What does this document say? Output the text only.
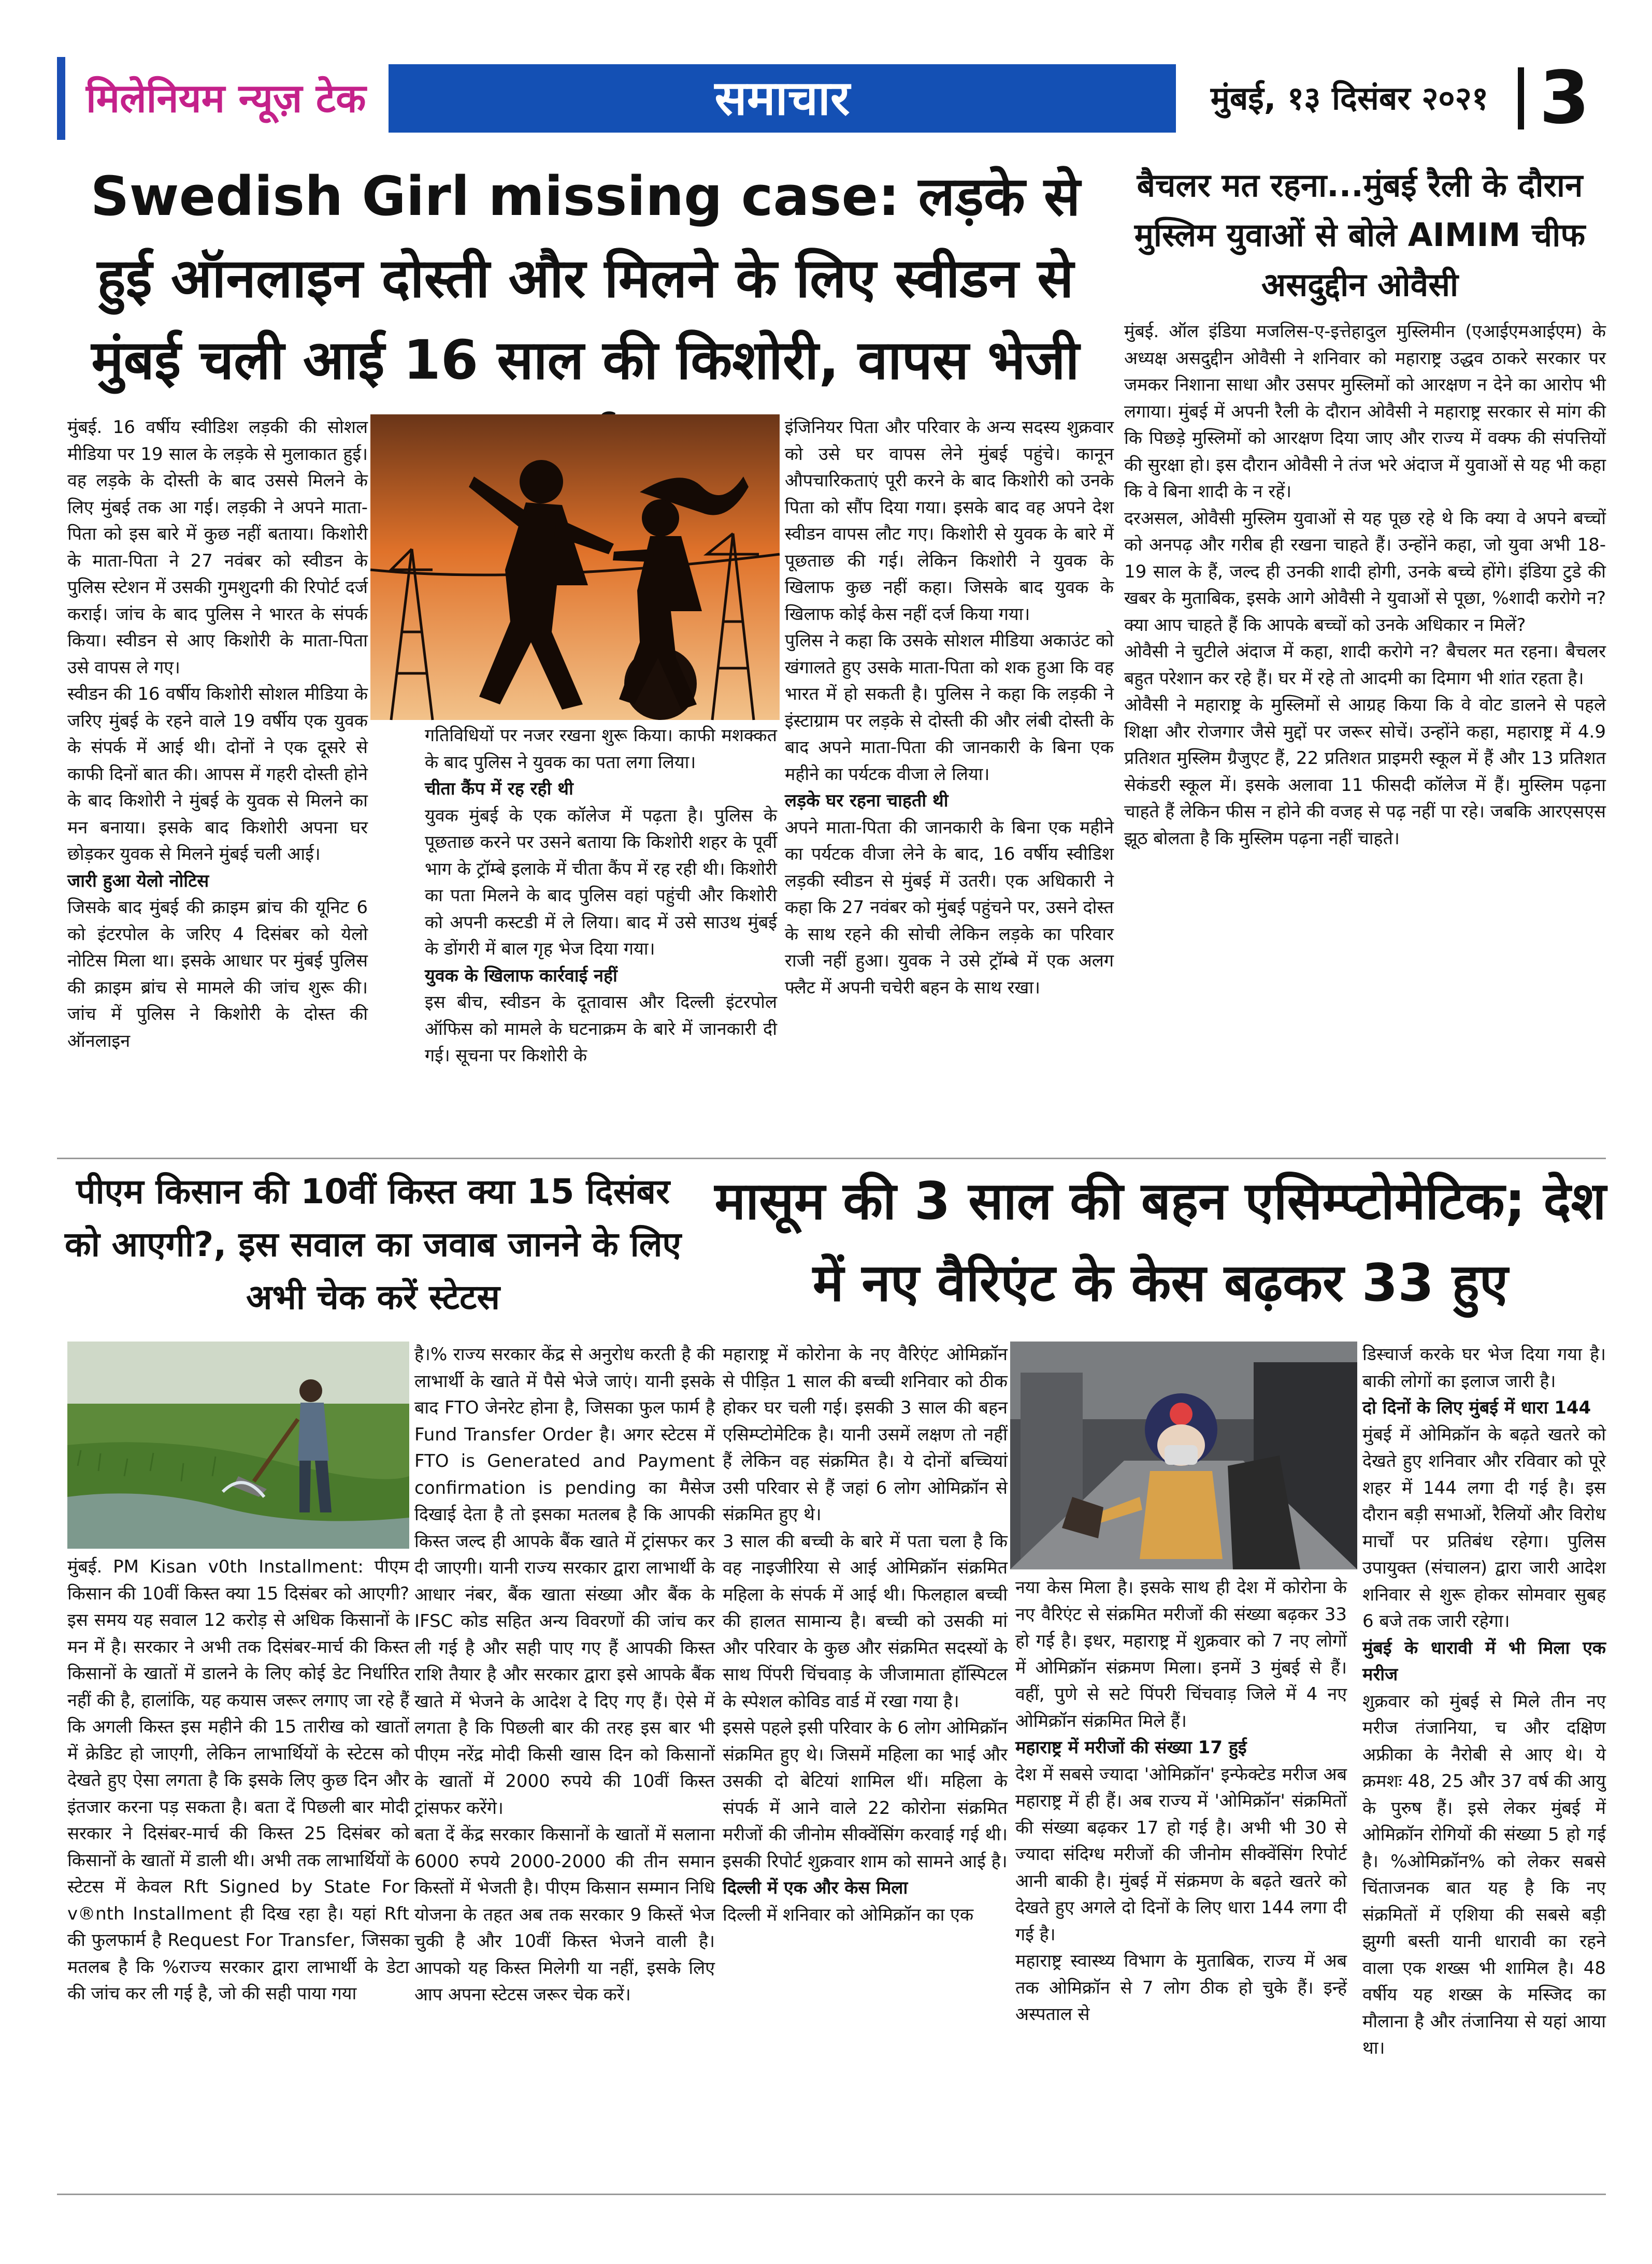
मिलेनियम न्यूज़ टेक	समाचार	मुंबई, १३ दिसंबर २०२१ 3
Swedish Girl missing case: लड़के से हुई ऑनलाइन दोस्ती और मिलने के लिए स्वीडन से मुंबई चली आई 16 साल की किशोरी, वापस भेजी

मुंबई. 16 वर्षीय स्वीडिश लड़की की सोशल मीडिया पर 19 साल के लड़के से मुलाकात हुई। वह लड़के के दोस्ती के बाद उससे मिलने के लिए मुंबई तक आ गई। लड़की ने अपने माता-पिता को इस बारे में कुछ नहीं बताया। किशोरी के माता-पिता ने 27 नवंबर को स्वीडन के पुलिस स्टेशन में उसकी गुमशुदगी की रिपोर्ट दर्ज कराई। जांच के बाद पुलिस ने भारत के संपर्क किया। स्वीडन से आए किशोरी के माता-पिता उसे वापस ले गए।

स्वीडन की 16 वर्षीय किशोरी सोशल मीडिया के जरिए मुंबई के रहने वाले 19 वर्षीय एक युवक के संपर्क में आई थी। दोनों ने एक दूसरे से काफी दिनों बात की। आपस में गहरी दोस्ती होने के बाद किशोरी ने मुंबई के युवक से मिलने का मन बनाया। इसके बाद किशोरी अपना घर छोड़कर युवक से मिलने मुंबई चली आई।

जारी हुआ येलो नोटिस

जिसके बाद मुंबई की क्राइम ब्रांच की यूनिट 6 को इंटरपोल के जरिए 4 दिसंबर को येलो नोटिस मिला था। इसके आधार पर मुंबई पुलिस की क्राइम ब्रांच से मामले की जांच शुरू की। जांच में पुलिस ने किशोरी के दोस्त की ऑनलाइन

गतिविधियों पर नजर रखना शुरू किया। काफी मशक्कत के बाद पुलिस ने युवक का पता लगा लिया।

चीता कैंप में रह रही थी

युवक मुंबई के एक कॉलेज में पढ़ता है। पुलिस के पूछताछ करने पर उसने बताया कि किशोरी शहर के पूर्वी भाग के ट्रॉम्बे इलाके में चीता कैंप में रह रही थी। किशोरी का पता मिलने के बाद पुलिस वहां पहुंची और किशोरी को अपनी कस्टडी में ले लिया। बाद में उसे साउथ मुंबई के डोंगरी में बाल गृह भेज दिया गया।

युवक के खिलाफ कार्रवाई नहीं

इस बीच, स्वीडन के दूतावास और दिल्ली इंटरपोल ऑफिस को मामले के घटनाक्रम के बारे में जानकारी दी गई। सूचना पर किशोरी के

इंजिनियर पिता और परिवार के अन्य सदस्य शुक्रवार को उसे घर वापस लेने मुंबई पहुंचे। कानून औपचारिकताएं पूरी करने के बाद किशोरी को उनके पिता को सौंप दिया गया। इसके बाद वह अपने देश स्वीडन वापस लौट गए। किशोरी से युवक के बारे में पूछताछ की गई। लेकिन किशोरी ने युवक के खिलाफ कुछ नहीं कहा। जिसके बाद युवक के खिलाफ कोई केस नहीं दर्ज किया गया।

पुलिस ने कहा कि उसके सोशल मीडिया अकाउंट को खंगालते हुए उसके माता-पिता को शक हुआ कि वह भारत में हो सकती है। पुलिस ने कहा कि लड़की ने इंस्टाग्राम पर लड़के से दोस्ती की और लंबी दोस्ती के बाद अपने माता-पिता की जानकारी के बिना एक महीने का पर्यटक वीजा ले लिया।

लड़के घर रहना चाहती थी

अपने माता-पिता की जानकारी के बिना एक महीने का पर्यटक वीजा लेने के बाद, 16 वर्षीय स्वीडिश लड़की स्वीडन से मुंबई में उतरी। एक अधिकारी ने कहा कि 27 नवंबर को मुंबई पहुंचने पर, उसने दोस्त के साथ रहने की सोची लेकिन लड़के का परिवार राजी नहीं हुआ। युवक ने उसे ट्रॉम्बे में एक अलग फ्लैट में अपनी चचेरी बहन के साथ रखा।

बैचलर मत रहना...मुंबई रैली के दौरान मुस्लिम युवाओं से बोले AIMIM चीफ असदुद्दीन ओवैसी

मुंबई. ऑल इंडिया मजलिस-ए-इत्तेहादुल मुस्लिमीन (एआईएमआईएम) के अध्यक्ष असदुद्दीन ओवैसी ने शनिवार को महाराष्ट्र उद्धव ठाकरे सरकार पर जमकर निशाना साधा और उसपर मुस्लिमों को आरक्षण न देने का आरोप भी लगाया। मुंबई में अपनी रैली के दौरान ओवैसी ने महाराष्ट्र सरकार से मांग की कि पिछड़े मुस्लिमों को आरक्षण दिया जाए और राज्य में वक्फ की संपत्तियों की सुरक्षा हो। इस दौरान ओवैसी ने तंज भरे अंदाज में युवाओं से यह भी कहा कि वे बिना शादी के न रहें।

दरअसल, ओवैसी मुस्लिम युवाओं से यह पूछ रहे थे कि क्या वे अपने बच्चों को अनपढ़ और गरीब ही रखना चाहते हैं। उन्होंने कहा, जो युवा अभी 18-19 साल के हैं, जल्द ही उनकी शादी होगी, उनके बच्चे होंगे। इंडिया टुडे की खबर के मुताबिक, इसके आगे ओवैसी ने युवाओं से पूछा, %शादी करोगे न? क्या आप चाहते हैं कि आपके बच्चों को उनके अधिकार न मिलें?

ओवैसी ने चुटीले अंदाज में कहा, शादी करोगे न? बैचलर मत रहना। बैचलर बहुत परेशान कर रहे हैं। घर में रहे तो आदमी का दिमाग भी शांत रहता है।

ओवैसी ने महाराष्ट्र के मुस्लिमों से आग्रह किया कि वे वोट डालने से पहले शिक्षा और रोजगार जैसे मुद्दों पर जरूर सोचें। उन्होंने कहा, महाराष्ट्र में 4.9 प्रतिशत मुस्लिम ग्रैजुएट हैं, 22 प्रतिशत प्राइमरी स्कूल में हैं और 13 प्रतिशत सेकंडरी स्कूल में। इसके अलावा 11 फीसदी कॉलेज में हैं। मुस्लिम पढ़ना चाहते हैं लेकिन फीस न होने की वजह से पढ़ नहीं पा रहे। जबकि आरएसएस झूठ बोलता है कि मुस्लिम पढ़ना नहीं चाहते।

पीएम किसान की 10वीं किस्त क्या 15 दिसंबर को आएगी?, इस सवाल का जवाब जानने के लिए अभी चेक करें स्टेटस

मुंबई. PM Kisan v0th Installment: पीएम किसान की 10वीं किस्त क्या 15 दिसंबर को आएगी? इस समय यह सवाल 12 करोड़ से अधिक किसानों के मन में है। सरकार ने अभी तक दिसंबर-मार्च की किस्त किसानों के खातों में डालने के लिए कोई डेट निर्धारित नहीं की है, हालांकि, यह कयास जरूर लगाए जा रहे हैं कि अगली किस्त इस महीने की 15 तारीख को खातों में क्रेडिट हो जाएगी, लेकिन लाभार्थियों के स्टेटस को देखते हुए ऐसा लगता है कि इसके लिए कुछ दिन और इंतजार करना पड़ सकता है। बता दें पिछली बार मोदी सरकार ने दिसंबर-मार्च की किस्त 25 दिसंबर को किसानों के खातों में डाली थी। अभी तक लाभार्थियों के स्टेटस में केवल Rft Signed by State For v®nth Installment ही दिख रहा है। यहां Rft की फुलफार्म है Request For Transfer, जिसका मतलब है कि %राज्य सरकार द्वारा लाभार्थी के डेटा की जांच कर ली गई है, जो की सही पाया गया

है।% राज्य सरकार केंद्र से अनुरोध करती है की लाभार्थी के खाते में पैसे भेजे जाएं। यानी इसके बाद FTO जेनरेट होना है, जिसका फुल फार्म है Fund Transfer Order है। अगर स्टेटस में FTO is Generated and Payment confirmation is pending का मैसेज दिखाई देता है तो इसका मतलब है कि आपकी किस्त जल्द ही आपके बैंक खाते में ट्रांसफर कर दी जाएगी। यानी राज्य सरकार द्वारा लाभार्थी के आधार नंबर, बैंक खाता संख्या और बैंक के IFSC कोड सहित अन्य विवरणों की जांच कर ली गई है और सही पाए गए हैं आपकी किस्त राशि तैयार है और सरकार द्वारा इसे आपके बैंक खाते में भेजने के आदेश दे दिए गए हैं। ऐसे में लगता है कि पिछली बार की तरह इस बार भी पीएम नरेंद्र मोदी किसी खास दिन को किसानों के खातों में 2000 रुपये की 10वीं किस्त ट्रांसफर करेंगे।

बता दें केंद्र सरकार किसानों के खातों में सलाना 6000 रुपये 2000-2000 की तीन समान किस्तों में भेजती है। पीएम किसान सम्मान निधि योजना के तहत अब तक सरकार 9 किस्तें भेज चुकी है और 10वीं किस्त भेजने वाली है। आपको यह किस्त मिलेगी या नहीं, इसके लिए आप अपना स्टेटस जरूर चेक करें।

मासूम की 3 साल की बहन एसिम्प्टोमेटिक; देश में नए वैरिएंट के केस बढ़कर 33 हुए

महाराष्ट्र में कोरोना के नए वैरिएंट ओमिक्रॉन से पीड़ित 1 साल की बच्ची शनिवार को ठीक होकर घर चली गई। इसकी 3 साल की बहन एसिम्प्टोमेटिक है। यानी उसमें लक्षण तो नहीं हैं लेकिन वह संक्रमित है। ये दोनों बच्चियां उसी परिवार से हैं जहां 6 लोग ओमिक्रॉन से संक्रमित हुए थे।

3 साल की बच्ची के बारे में पता चला है कि वह नाइजीरिया से आई ओमिक्रॉन संक्रमित महिला के संपर्क में आई थी। फिलहाल बच्ची की हालत सामान्य है। बच्ची को उसकी मां और परिवार के कुछ और संक्रमित सदस्यों के साथ पिंपरी चिंचवाड़ के जीजामाता हॉस्पिटल के स्पेशल कोविड वार्ड में रखा गया है।

इससे पहले इसी परिवार के 6 लोग ओमिक्रॉन संक्रमित हुए थे। जिसमें महिला का भाई और उसकी दो बेटियां शामिल थीं। महिला के संपर्क में आने वाले 22 कोरोना संक्रमित मरीजों की जीनोम सीक्वेंसिंग करवाई गई थी। इसकी रिपोर्ट शुक्रवार शाम को सामने आई है।

दिल्ली में एक और केस मिला

दिल्ली में शनिवार को ओमिक्रॉन का एक

नया केस मिला है। इसके साथ ही देश में कोरोना के नए वैरिएंट से संक्रमित मरीजों की संख्या बढ़कर 33 हो गई है। इधर, महाराष्ट्र में शुक्रवार को 7 नए लोगों में ओमिक्रॉन संक्रमण मिला। इनमें 3 मुंबई से हैं। वहीं, पुणे से सटे पिंपरी चिंचवाड़ जिले में 4 नए ओमिक्रॉन संक्रमित मिले हैं।

महाराष्ट्र में मरीजों की संख्या 17 हुई

देश में सबसे ज्यादा 'ओमिक्रॉन' इन्फेक्टेड मरीज अब महाराष्ट्र में ही हैं। अब राज्य में 'ओमिक्रॉन' संक्रमितों की संख्या बढ़कर 17 हो गई है। अभी भी 30 से ज्यादा संदिग्ध मरीजों की जीनोम सीक्वेंसिंग रिपोर्ट आनी बाकी है। मुंबई में संक्रमण के बढ़ते खतरे को देखते हुए अगले दो दिनों के लिए धारा 144 लगा दी गई है।

महाराष्ट्र स्वास्थ्य विभाग के मुताबिक, राज्य में अब तक ओमिक्रॉन से 7 लोग ठीक हो चुके हैं। इन्हें अस्पताल से

डिस्चार्ज करके घर भेज दिया गया है। बाकी लोगों का इलाज जारी है।

दो दिनों के लिए मुंबई में धारा 144

मुंबई में ओमिक्रॉन के बढ़ते खतरे को देखते हुए शनिवार और रविवार को पूरे शहर में 144 लगा दी गई है। इस दौरान बड़ी सभाओं, रैलियों और विरोध मार्चों पर प्रतिबंध रहेगा। पुलिस उपायुक्त (संचालन) द्वारा जारी आदेश शनिवार से शुरू होकर सोमवार सुबह 6 बजे तक जारी रहेगा।

मुंबई के धारावी में भी मिला एक मरीज

शुक्रवार को मुंबई से मिले तीन नए मरीज तंजानिया, च और दक्षिण अफ्रीका के नैरोबी से आए थे। ये क्रमशः 48, 25 और 37 वर्ष की आयु के पुरुष हैं। इसे लेकर मुंबई में ओमिक्रॉन रोगियों की संख्या 5 हो गई है। %ओमिक्रॉन% को लेकर सबसे चिंताजनक बात यह है कि नए संक्रमितों में एशिया की सबसे बड़ी झुग्गी बस्ती यानी धारावी का रहने वाला एक शख्स भी शामिल है। 48 वर्षीय यह शख्स के मस्जिद का मौलाना है और तंजानिया से यहां आया था।
